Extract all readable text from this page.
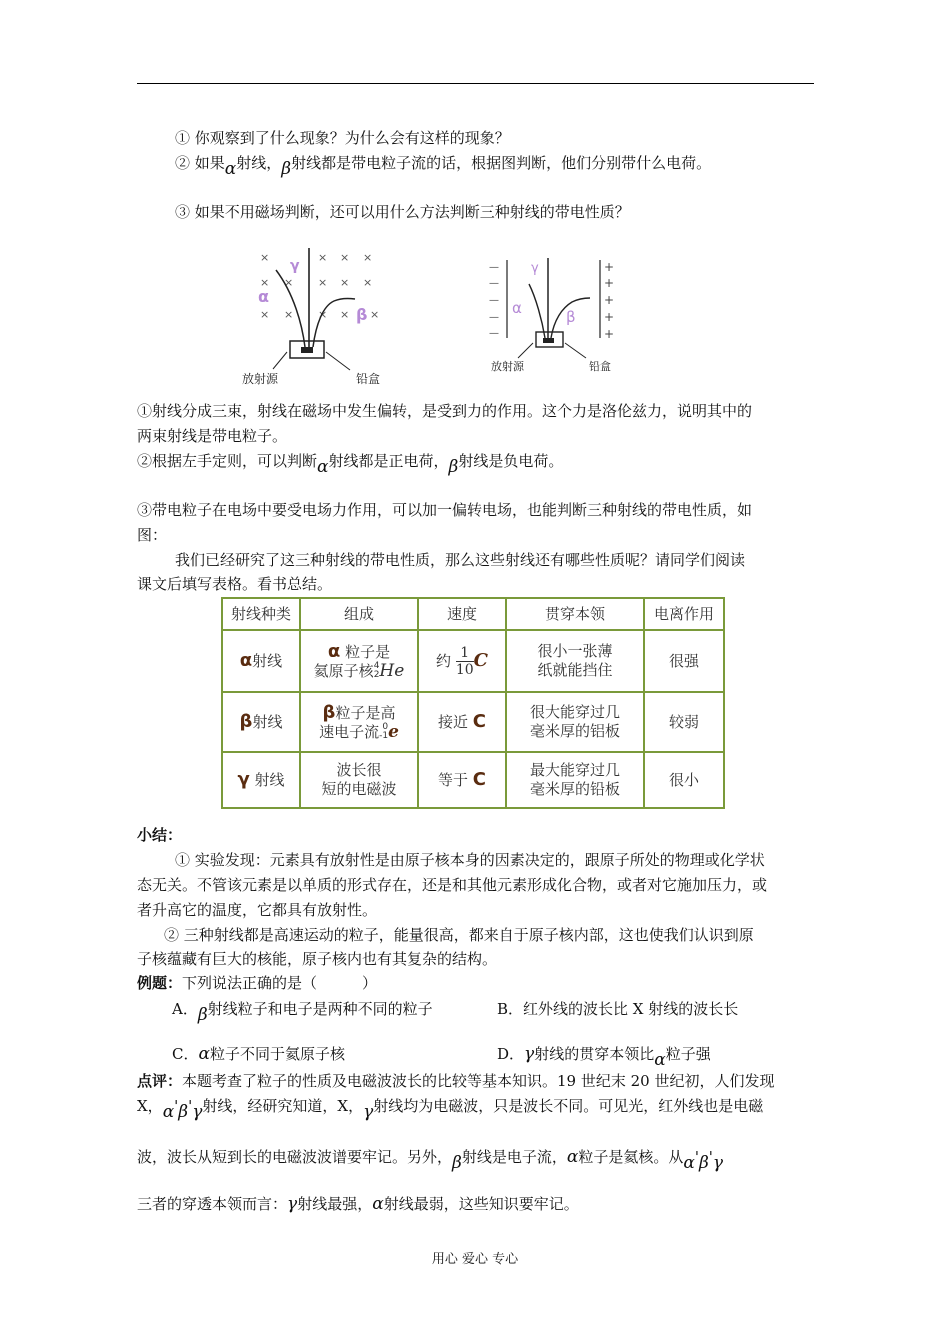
① 你观察到了什么现象？为什么会有这样的现象？
② 如果α射线，β射线都是带电粒子流的话，根据图判断，他们分别带什么电荷。
③ 如果不用磁场判断，还可以用什么方法判断三种射线的带电性质？
×	× × ×
× × × × ×
× × × × ×
γ
α
β
放射源	铅盒
—
—
—
—
—
+
+
+
+
+
γ
α	β
放射源	铅盒
①射线分成三束，射线在磁场中发生偏转，是受到力的作用。这个力是洛伦兹力，说明其中的
两束射线是带电粒子。
②根据左手定则，可以判断α射线都是正电荷，β射线是负电荷。
③带电粒子在电场中要受电场力作用，可以加一偏转电场，也能判断三种射线的带电性质，如
图：
我们已经研究了这三种射线的带电性质，那么这些射线还有哪些性质呢？请同学们阅读
课文后填写表格。看书总结。
射线种类	组成	速度	贯穿本领	电离作用
α射线	α 粒子是
氦原子核4
2He	约 $\frac{1}{10}$ C	很小一张薄
纸就能挡住	很强
β射线	β粒子是高
速电子流 0
-1e	接近 C	很大能穿过几
毫米厚的铝板	较弱
γ 射线	波长很
短的电磁波	等于 C	最大能穿过几
毫米厚的铅板	很小
小结：
① 实验发现：元素具有放射性是由原子核本身的因素决定的，跟原子所处的物理或化学状
态无关。不管该元素是以单质的形式存在，还是和其他元素形成化合物，或者对它施加压力，或
者升高它的温度，它都具有放射性。
② 三种射线都是高速运动的粒子，能量很高，都来自于原子核内部，这也使我们认识到原
子核蕴藏有巨大的核能，原子核内也有其复杂的结构。
例题：下列说法正确的是（　　　）
A．β射线粒子和电子是两种不同的粒子	B．红外线的波长比 X 射线的波长长
C．α粒子不同于氦原子核	D．γ射线的贯穿本领比α粒子强
点评：本题考查了粒子的性质及电磁波波长的比较等基本知识。19 世纪末 20 世纪初，人们发现
X，α'β'γ射线，经研究知道，X，γ射线均为电磁波，只是波长不同。可见光，红外线也是电磁
波，波长从短到长的电磁波波谱要牢记。另外，β射线是电子流，α粒子是氦核。从α'β'γ
三者的穿透本领而言：γ射线最强，α射线最弱，这些知识要牢记。
用心 爱心 专心
